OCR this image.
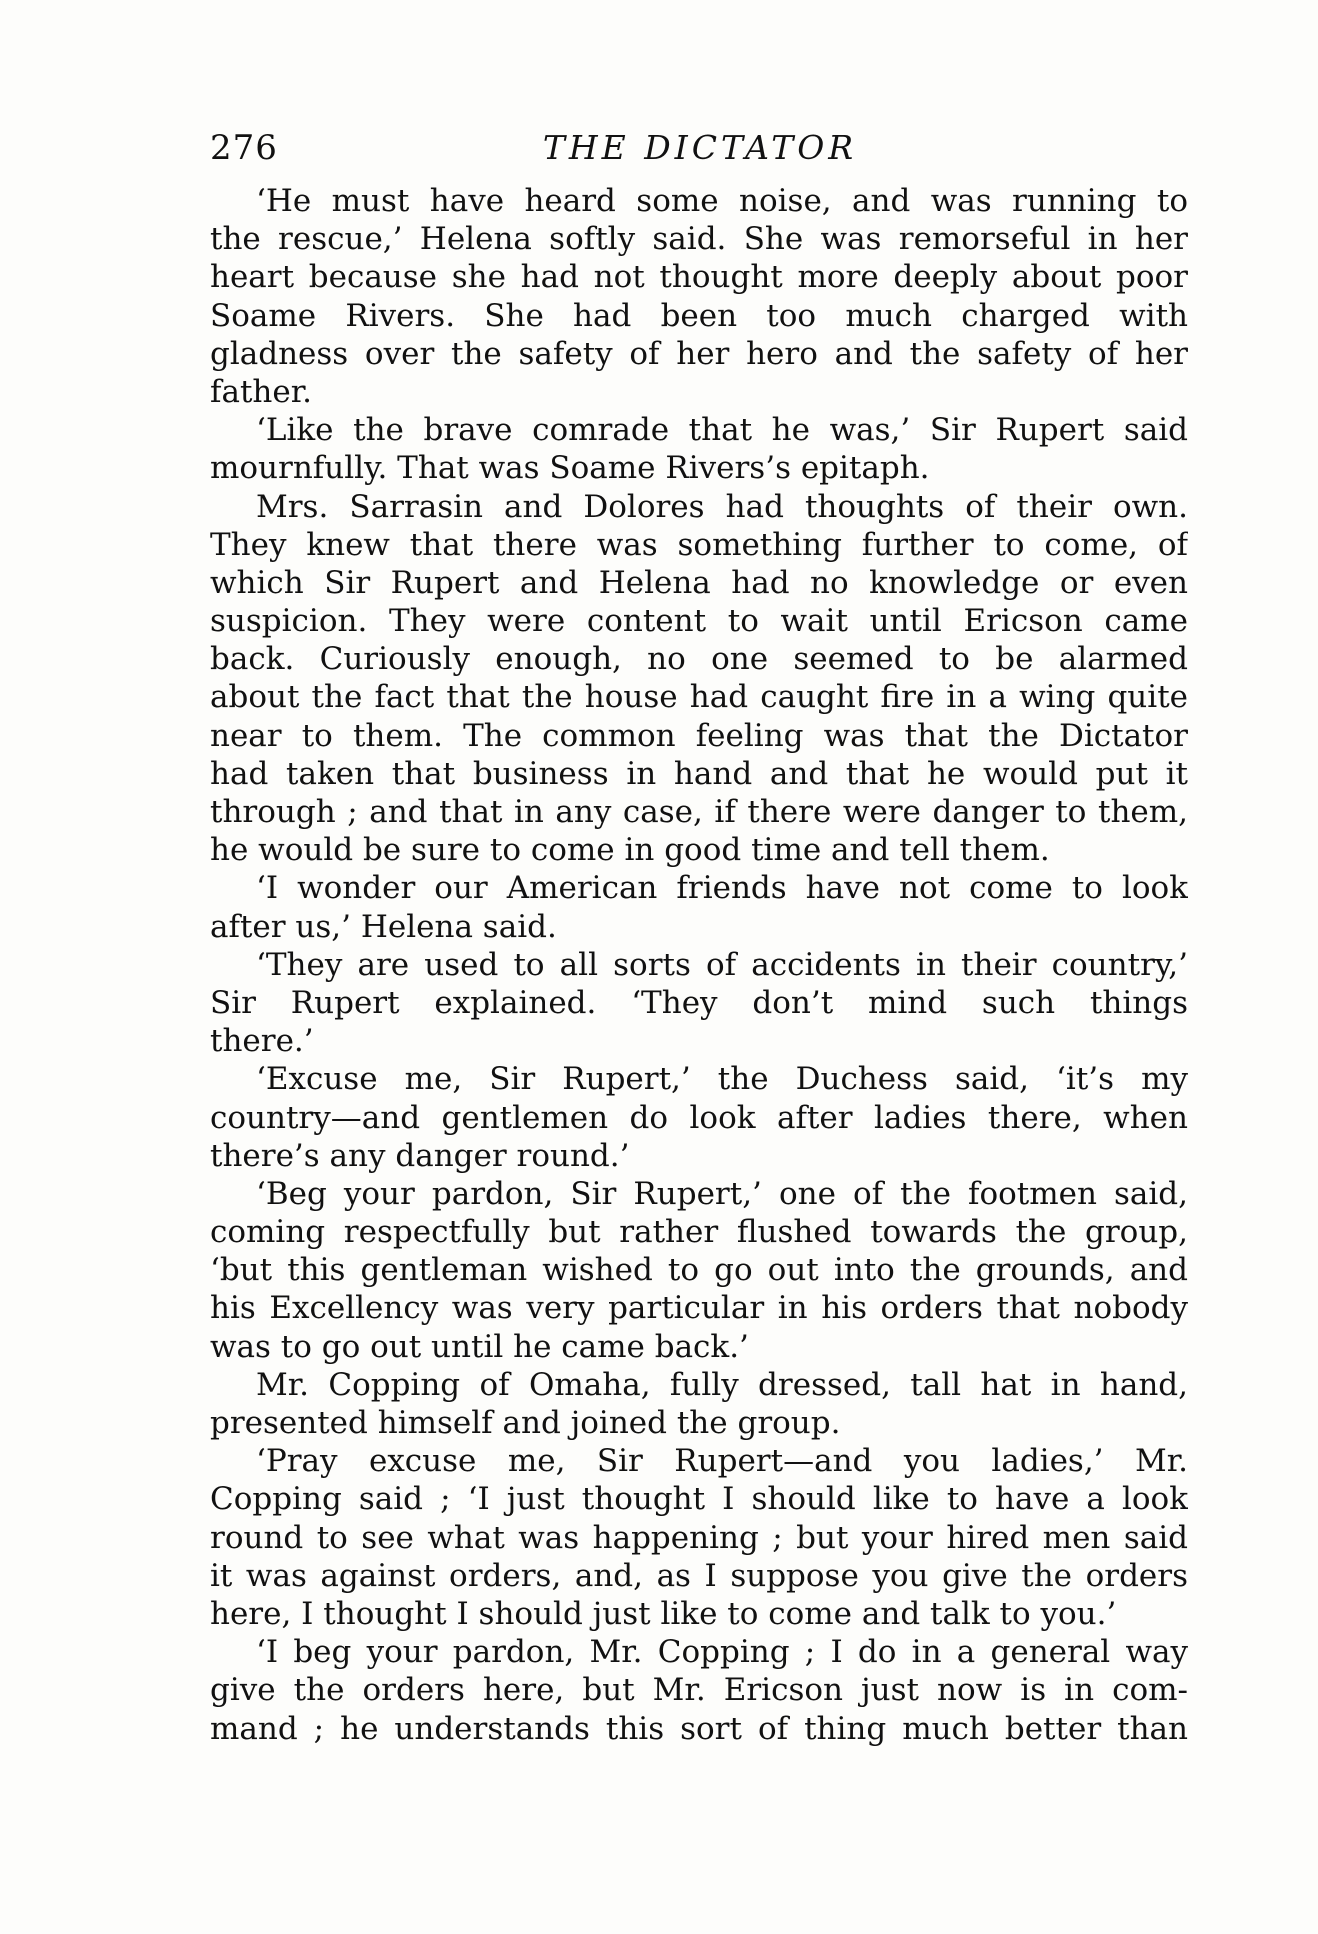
276	THE DICTATOR
‘He must have heard some noise, and was running to
the rescue,’ Helena softly said. She was remorseful in her
heart because she had not thought more deeply about poor
Soame Rivers. She had been too much charged with
gladness over the safety of her hero and the safety of her
father.
‘Like the brave comrade that he was,’ Sir Rupert said
mournfully. That was Soame Rivers’s epitaph.
Mrs. Sarrasin and Dolores had thoughts of their own.
They knew that there was something further to come, of
which Sir Rupert and Helena had no knowledge or even
suspicion. They were content to wait until Ericson came
back. Curiously enough, no one seemed to be alarmed
about the fact that the house had caught fire in a wing quite
near to them. The common feeling was that the Dictator
had taken that business in hand and that he would put it
through ; and that in any case, if there were danger to them,
he would be sure to come in good time and tell them.
‘I wonder our American friends have not come to look
after us,’ Helena said.
‘They are used to all sorts of accidents in their country,’
Sir Rupert explained. ‘They don’t mind such things
there.’
‘Excuse me, Sir Rupert,’ the Duchess said, ‘it’s my
country—and gentlemen do look after ladies there, when
there’s any danger round.’
‘Beg your pardon, Sir Rupert,’ one of the footmen said,
coming respectfully but rather flushed towards the group,
‘but this gentleman wished to go out into the grounds, and
his Excellency was very particular in his orders that nobody
was to go out until he came back.’
Mr. Copping of Omaha, fully dressed, tall hat in hand,
presented himself and joined the group.
‘Pray excuse me, Sir Rupert—and you ladies,’ Mr.
Copping said ; ‘I just thought I should like to have a look
round to see what was happening ; but your hired men said
it was against orders, and, as I suppose you give the orders
here, I thought I should just like to come and talk to you.’
‘I beg your pardon, Mr. Copping ; I do in a general way
give the orders here, but Mr. Ericson just now is in com-
mand ; he understands this sort of thing much better than
